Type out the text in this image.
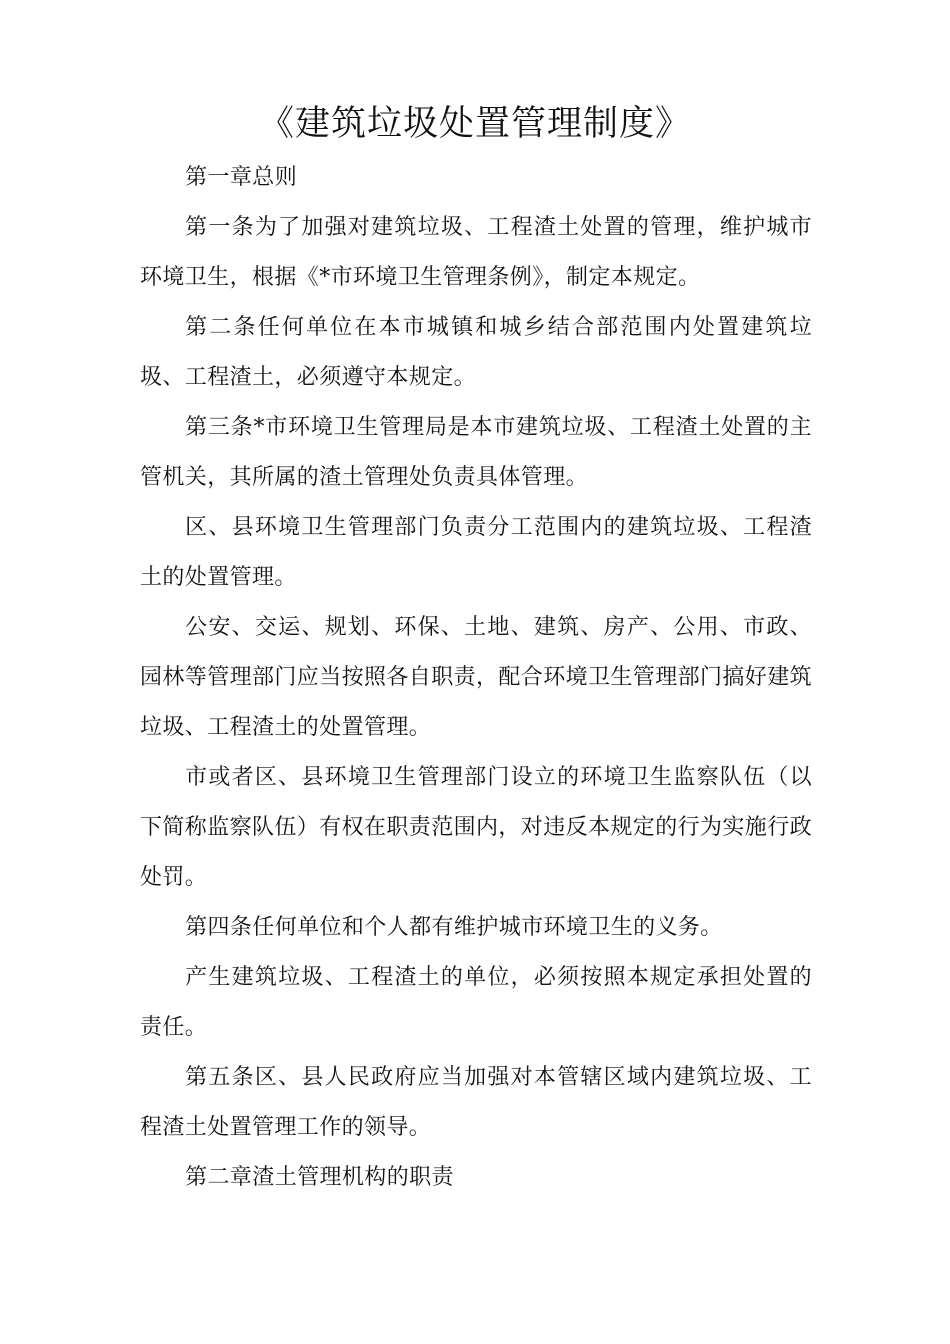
《建筑垃圾处置管理制度》

第一章总则

第一条为了加强对建筑垃圾、工程渣土处置的管理，维护城市环境卫生，根据《*市环境卫生管理条例》，制定本规定。

第二条任何单位在本市城镇和城乡结合部范围内处置建筑垃圾、工程渣土，必须遵守本规定。

第三条*市环境卫生管理局是本市建筑垃圾、工程渣土处置的主管机关，其所属的渣土管理处负责具体管理。

区、县环境卫生管理部门负责分工范围内的建筑垃圾、工程渣土的处置管理。

公安、交运、规划、环保、土地、建筑、房产、公用、市政、园林等管理部门应当按照各自职责，配合环境卫生管理部门搞好建筑垃圾、工程渣土的处置管理。

市或者区、县环境卫生管理部门设立的环境卫生监察队伍（以下简称监察队伍）有权在职责范围内，对违反本规定的行为实施行政处罚。

第四条任何单位和个人都有维护城市环境卫生的义务。

产生建筑垃圾、工程渣土的单位，必须按照本规定承担处置的责任。

第五条区、县人民政府应当加强对本管辖区域内建筑垃圾、工程渣土处置管理工作的领导。

第二章渣土管理机构的职责
